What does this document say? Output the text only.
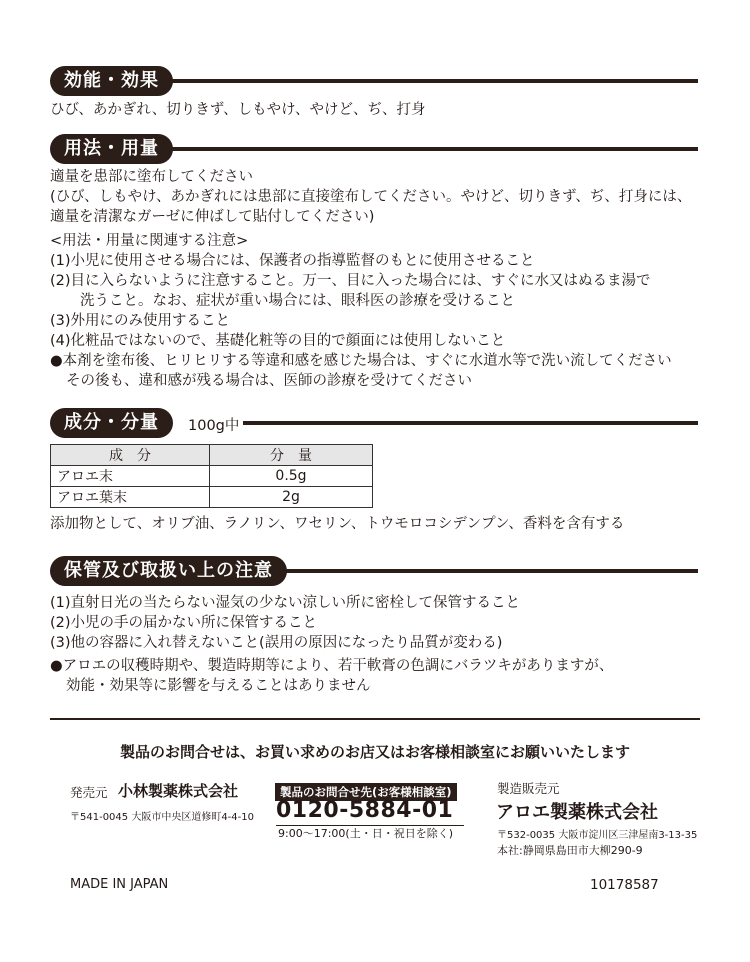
効能・効果

ひび、あかぎれ、切りきず、しもやけ、やけど、ぢ、打身

用法・用量
適量を患部に塗布してください
(ひび、しもやけ、あかぎれには患部に直接塗布してください。やけど、切りきず、ぢ、打身には、
適量を清潔なガーゼに伸ばして貼付してください)
<用法・用量に関連する注意>
(1)小児に使用させる場合には、保護者の指導監督のもとに使用させること
(2)目に入らないように注意すること。万一、目に入った場合には、すぐに水又はぬるま湯で
洗うこと。なお、症状が重い場合には、眼科医の診療を受けること
(3)外用にのみ使用すること
(4)化粧品ではないので、基礎化粧等の目的で顔面には使用しないこと
●本剤を塗布後、ヒリヒリする等違和感を感じた場合は、すぐに水道水等で洗い流してください
その後も、違和感が残る場合は、医師の診療を受けてください
成分・分量	100g中
成　分	分　量
アロエ末	0.5g
アロエ葉末	2g

添加物として、オリブ油、ラノリン、ワセリン、トウモロコシデンプン、香料を含有する

保管及び取扱い上の注意
(1)直射日光の当たらない湿気の少ない涼しい所に密栓して保管すること
(2)小児の手の届かない所に保管すること
(3)他の容器に入れ替えないこと(誤用の原因になったり品質が変わる)
●アロエの収穫時期や、製造時期等により、若干軟膏の色調にバラツキがありますが、
効能・効果等に影響を与えることはありません
製品のお問合せは、お買い求めのお店又はお客様相談室にお願いいたします
発売元 小林製薬株式会社
〒541-0045 大阪市中央区道修町4-4-10
製品のお問合せ先(お客様相談室)
0120-5884-01
9:00～17:00(土・日・祝日を除く)
製造販売元
アロエ製薬株式会社
〒532-0035 大阪市淀川区三津屋南3-13-35
本社:静岡県島田市大柳290-9
MADE IN JAPAN	10178587
